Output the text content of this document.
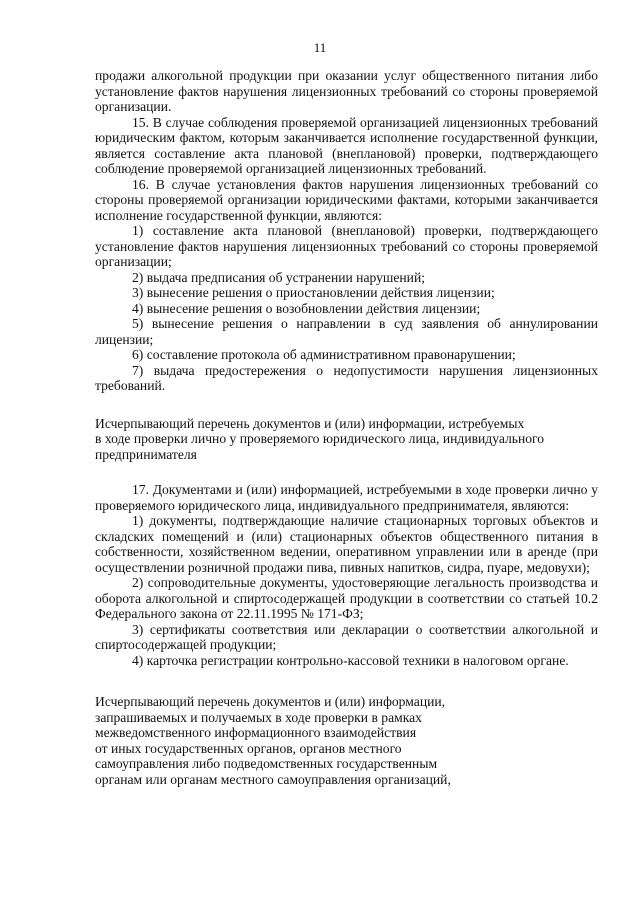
11

продажи алкогольной продукции при оказании услуг общественного питания либо установление фактов нарушения лицензионных требований со стороны проверяемой организации.

15. В случае соблюдения проверяемой организацией лицензионных требований юридическим фактом, которым заканчивается исполнение государственной функции, является составление акта плановой (внеплановой) проверки, подтверждающего соблюдение проверяемой организацией лицензионных требований.

16. В случае установления фактов нарушения лицензионных требований со стороны проверяемой организации юридическими фактами, которыми заканчивается исполнение государственной функции, являются:

1) составление акта плановой (внеплановой) проверки, подтверждающего установление фактов нарушения лицензионных требований со стороны проверяемой организации;

2) выдача предписания об устранении нарушений;

3) вынесение решения о приостановлении действия лицензии;

4) вынесение решения о возобновлении действия лицензии;

5) вынесение решения о направлении в суд заявления об аннулировании лицензии;

6) составление протокола об административном правонарушении;

7) выдача предостережения о недопустимости нарушения лицензионных требований.

Исчерпывающий перечень документов и (или) информации, истребуемых

в ходе проверки лично у проверяемого юридического лица, индивидуального

предпринимателя

17. Документами и (или) информацией, истребуемыми в ходе проверки лично у проверяемого юридического лица, индивидуального предпринимателя, являются:

1) документы, подтверждающие наличие стационарных торговых объектов и складских помещений и (или) стационарных объектов общественного питания в собственности, хозяйственном ведении, оперативном управлении или в аренде (при осуществлении розничной продажи пива, пивных напитков, сидра, пуаре, медовухи);

2) сопроводительные документы, удостоверяющие легальность производства и оборота алкогольной и спиртосодержащей продукции в соответствии со статьей 10.2 Федерального закона от 22.11.1995 № 171-ФЗ;

3) сертификаты соответствия или декларации о соответствии алкогольной и спиртосодержащей продукции;

4) карточка регистрации контрольно-кассовой техники в налоговом органе.

Исчерпывающий перечень документов и (или) информации,

запрашиваемых и получаемых в ходе проверки в рамках

межведомственного информационного взаимодействия

от иных государственных органов, органов местного

самоуправления либо подведомственных государственным

органам или органам местного самоуправления организаций,
